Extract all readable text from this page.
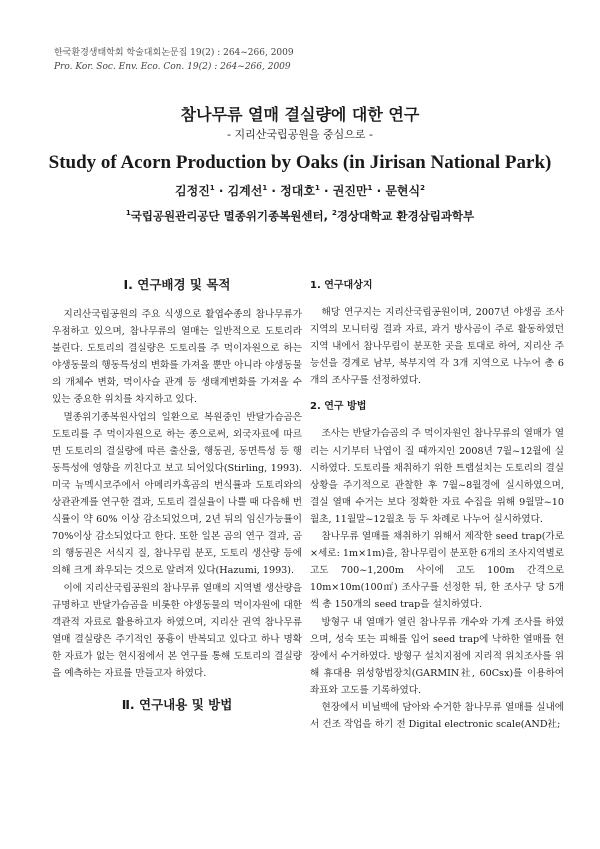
한국환경생태학회 학술대회논문집 19(2) : 264~266, 2009
Pro. Kor. Soc. Env. Eco. Con. 19(2) : 264~266, 2009
참나무류 열매 결실량에 대한 연구
- 지리산국립공원을 중심으로 -
Study of Acorn Production by Oaks (in Jirisan National Park)
김정진$^1$ · 김계선$^1$ · 정대호$^1$ · 권진만$^1$ · 문현식$^2$
$^1$국립공원관리공단 멸종위기종복원센터, $^2$경상대학교 환경삼림과학부
Ⅰ. 연구배경 및 목적

지리산국립공원의 주요 식생으로 활엽수종의 참나무류가 우점하고 있으며, 참나무류의 열매는 일반적으로 도토리라 불린다. 도토리의 결실량은 도토리를 주 먹이자원으로 하는 야생동물의 행동특성의 변화를 가져올 뿐만 아니라 야생동물의 개체수 변화, 먹이사슬 관계 등 생태계변화를 가져올 수 있는 중요한 위치를 차지하고 있다.

멸종위기종복원사업의 일환으로 복원중인 반달가슴곰은 도토리를 주 먹이자원으로 하는 종으로써, 외국자료에 따르면 도토리의 결실량에 따른 출산율, 행동권, 동면특성 등 행동특성에 영향을 끼친다고 보고 되어있다(Stirling, 1993). 미국 뉴멕시코주에서 아메리카흑곰의 번식률과 도토리와의 상관관계를 연구한 결과, 도토리 결실율이 나쁠 때 다음해 번식률이 약 60% 이상 감소되었으며, 2년 뒤의 임신가능률이 70%이상 감소되었다고 한다. 또한 일본 곰의 연구 결과, 곰의 행동권은 서식지 질, 참나무림 분포, 도토리 생산량 등에 의해 크게 좌우되는 것으로 알려져 있다(Hazumi, 1993).

이에 지리산국립공원의 참나무류 열매의 지역별 생산량을 규명하고 반달가슴곰을 비롯한 야생동물의 먹이자원에 대한 객관적 자료로 활용하고자 하였으며, 지리산 권역 참나무류 열매 결실량은 주기적인 풍흉이 반복되고 있다고 하나 명확한 자료가 없는 현시점에서 본 연구를 통해 도토리의 결실량을 예측하는 자료를 만들고자 하였다.

Ⅱ. 연구내용 및 방법
1. 연구대상지

해당 연구지는 지리산국립공원이며, 2007년 야생곰 조사지역의 모니터링 결과 자료, 과거 방사곰이 주로 활동하였던 지역 내에서 참나무림이 분포한 곳을 토대로 하여, 지리산 주능선을 경계로 남부, 북부지역 각 3개 지역으로 나누어 총 6개의 조사구를 선정하였다.

2. 연구 방법

조사는 반달가슴곰의 주 먹이자원인 참나무류의 열매가 열리는 시기부터 낙엽이 질 때까지인 2008년 7월~12월에 실시하였다. 도토리를 채취하기 위한 트랩설치는 도토리의 결실상황을 주기적으로 관찰한 후 7월~8월경에 실시하였으며, 결실 열매 수거는 보다 정확한 자료 수집을 위해 9월말~10월초, 11월말~12월초 등 두 차례로 나누어 실시하였다.

참나무류 열매를 채취하기 위해서 제작한 seed trap(가로×세로: 1m×1m)을, 참나무림이 분포한 6개의 조사지역별로 고도 700~1,200m 사이에 고도 100m 간격으로 10m×10m(100㎡) 조사구를 선정한 뒤, 한 조사구 당 5개씩 총 150개의 seed trap을 설치하였다.

방형구 내 열매가 열린 참나무류 개수와 가계 조사를 하였으며, 성숙 또는 피해를 입어 seed trap에 낙하한 열매를 현장에서 수거하였다. 방형구 설치지점에 지리적 위치조사를 위해 휴대용 위성항법장치(GARMIN社, 60Csx)를 이용하여 좌표와 고도를 기록하였다.

현장에서 비닐백에 담아와 수거한 참나무류 열매를 실내에서 건조 작업을 하기 전 Digital electronic scale(AND社;
